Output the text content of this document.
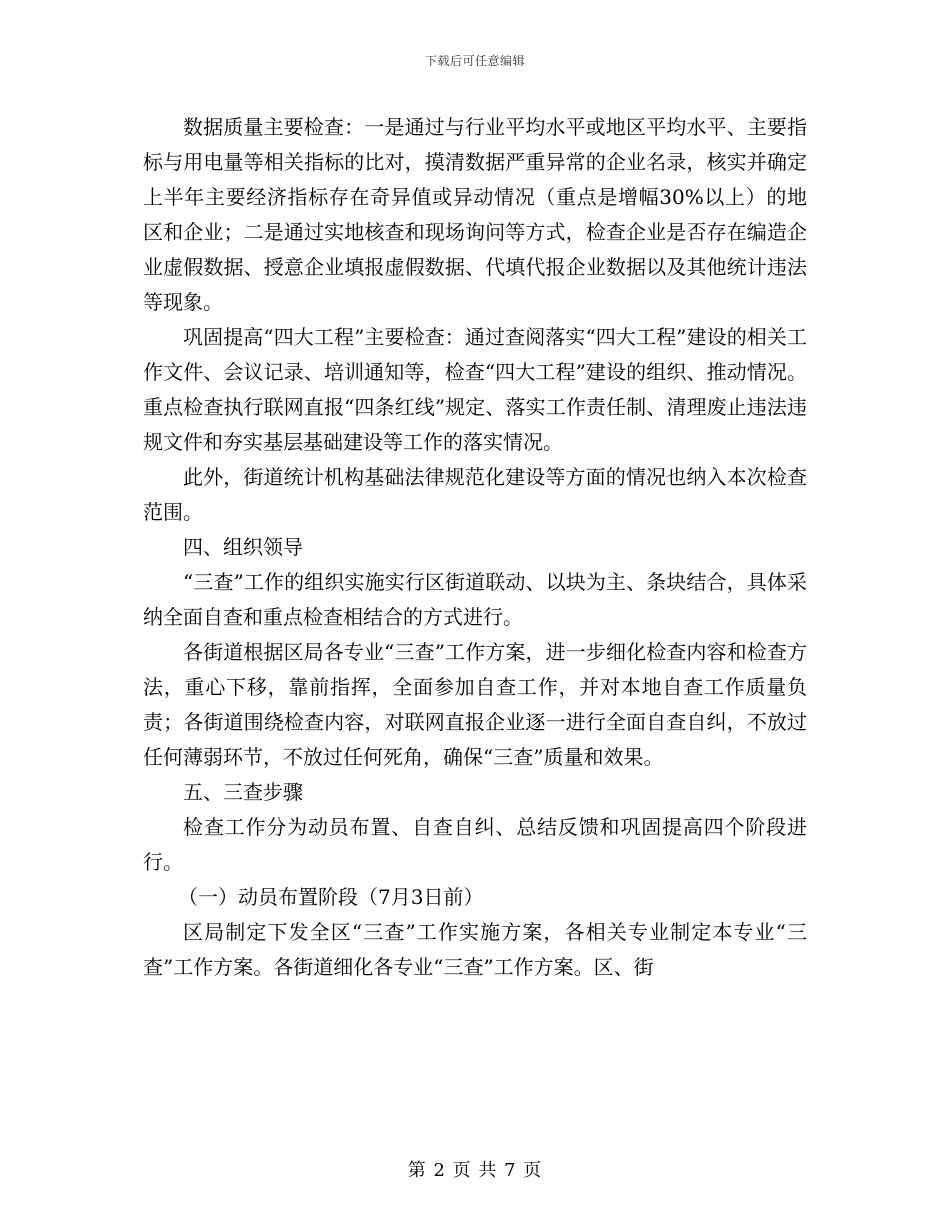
下载后可任意编辑

数据质量主要检查：一是通过与行业平均水平或地区平均水平、主要指标与用电量等相关指标的比对，摸清数据严重异常的企业名录，核实并确定上半年主要经济指标存在奇异值或异动情况（重点是增幅30%以上）的地区和企业；二是通过实地核查和现场询问等方式，检查企业是否存在编造企业虚假数据、授意企业填报虚假数据、代填代报企业数据以及其他统计违法等现象。

巩固提高“四大工程”主要检查：通过查阅落实“四大工程”建设的相关工作文件、会议记录、培训通知等，检查“四大工程”建设的组织、推动情况。重点检查执行联网直报“四条红线”规定、落实工作责任制、清理废止违法违规文件和夯实基层基础建设等工作的落实情况。

此外，街道统计机构基础法律规范化建设等方面的情况也纳入本次检查范围。

四、组织领导

“三查”工作的组织实施实行区街道联动、以块为主、条块结合，具体采纳全面自查和重点检查相结合的方式进行。

各街道根据区局各专业“三查”工作方案，进一步细化检查内容和检查方法，重心下移，靠前指挥，全面参加自查工作，并对本地自查工作质量负责；各街道围绕检查内容，对联网直报企业逐一进行全面自查自纠，不放过任何薄弱环节，不放过任何死角，确保“三查”质量和效果。

五、三查步骤

检查工作分为动员布置、自查自纠、总结反馈和巩固提高四个阶段进行。

（一）动员布置阶段（7月3日前）

区局制定下发全区“三查”工作实施方案，各相关专业制定本专业“三查”工作方案。各街道细化各专业“三查”工作方案。区、街

第 2 页 共 7 页
